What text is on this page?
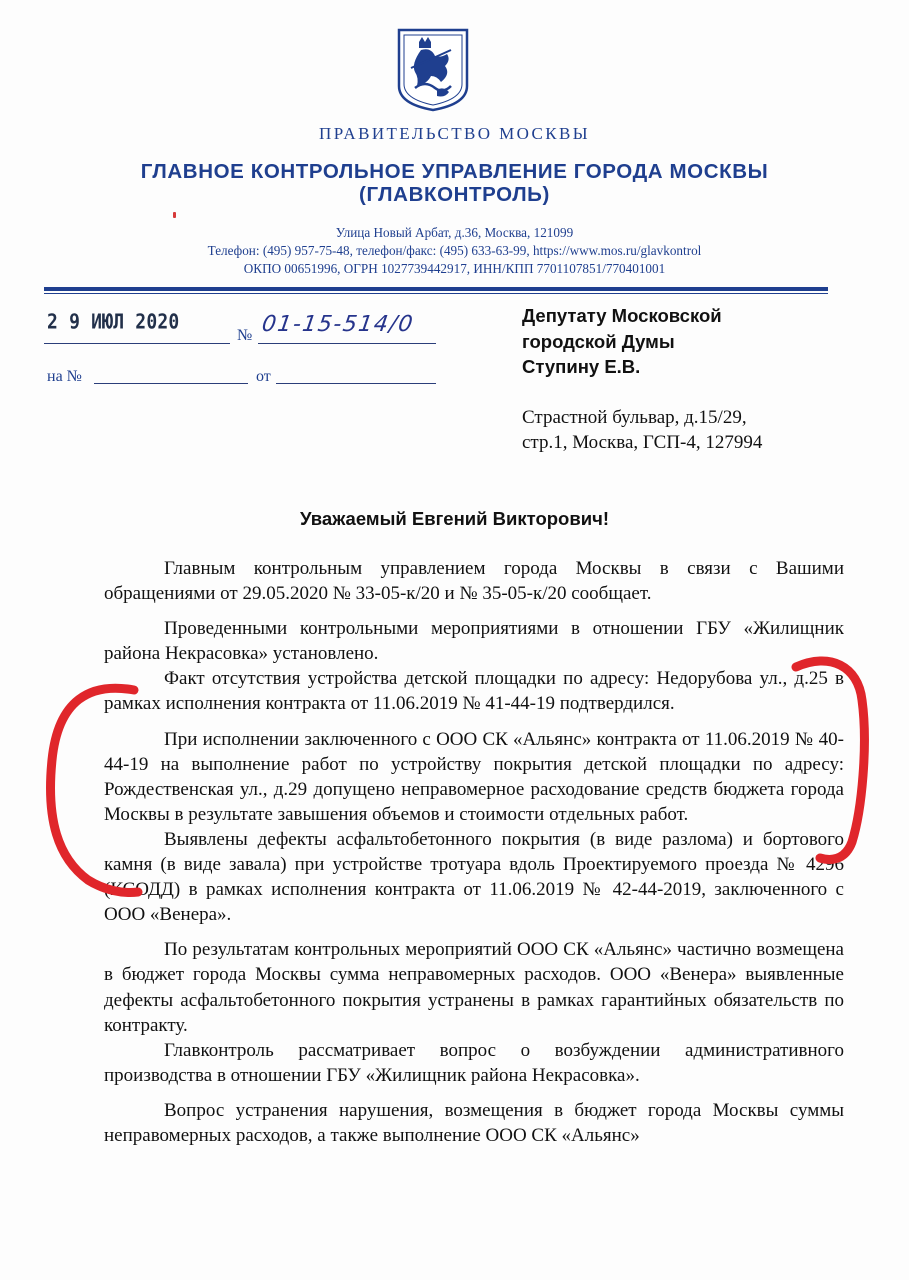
ПРАВИТЕЛЬСТВО МОСКВЫ
ГЛАВНОЕ КОНТРОЛЬНОЕ УПРАВЛЕНИЕ ГОРОДА МОСКВЫ
(ГЛАВКОНТРОЛЬ)
Улица Новый Арбат, д.36, Москва, 121099
Телефон: (495) 957-75-48, телефон/факс: (495) 633-63-99, https://www.mos.ru/glavkontrol
ОКПО 00651996, ОГРН 1027739442917, ИНН/КПП 7701107851/770401001
2 9 ИЮЛ 2020
№ 01-15-514/0
на №	от
Депутату Московской
городской Думы
Ступину Е.В.
Страстной бульвар, д.15/29,
стр.1, Москва, ГСП-4, 127994
Уважаемый Евгений Викторович!

Главным контрольным управлением города Москвы в связи с Вашими обращениями от 29.05.2020 № 33-05-к/20 и № 35-05-к/20 сообщает.

Проведенными контрольными мероприятиями в отношении ГБУ «Жилищник района Некрасовка» установлено.

Факт отсутствия устройства детской площадки по адресу: Недорубова ул., д.25 в рамках исполнения контракта от 11.06.2019 № 41-44-19 подтвердился.

При исполнении заключенного с ООО СК «Альянс» контракта от 11.06.2019 № 40-44-19 на выполнение работ по устройству покрытия детской площадки по адресу: Рождественская ул., д.29 допущено неправомерное расходование средств бюджета города Москвы в результате завышения объемов и стоимости отдельных работ.

Выявлены дефекты асфальтобетонного покрытия (в виде разлома) и бортового камня (в виде завала) при устройстве тротуара вдоль Проектируемого проезда № 4296 (КСОДД) в рамках исполнения контракта от 11.06.2019 № 42-44-2019, заключенного с ООО «Венера».

По результатам контрольных мероприятий ООО СК «Альянс» частично возмещена в бюджет города Москвы сумма неправомерных расходов. ООО «Венера» выявленные дефекты асфальтобетонного покрытия устранены в рамках гарантийных обязательств по контракту.

Главконтроль рассматривает вопрос о возбуждении административного производства в отношении ГБУ «Жилищник района Некрасовка».

Вопрос устранения нарушения, возмещения в бюджет города Москвы суммы неправомерных расходов, а также выполнение ООО СК «Альянс»
